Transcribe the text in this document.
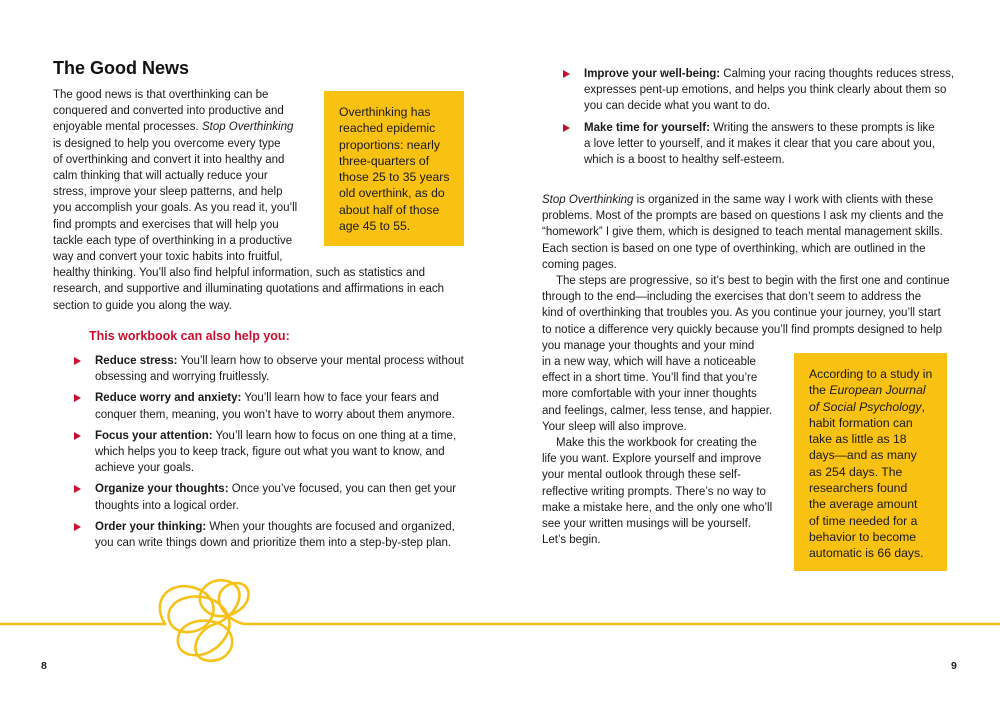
The Good News
The good news is that overthinking can be
conquered and converted into productive and
enjoyable mental processes. Stop Overthinking
is designed to help you overcome every type
of overthinking and convert it into healthy and
calm thinking that will actually reduce your
stress, improve your sleep patterns, and help
you accomplish your goals. As you read it, you’ll
find prompts and exercises that will help you
tackle each type of overthinking in a productive
way and convert your toxic habits into fruitful,
healthy thinking. You’ll also find helpful information, such as statistics and
research, and supportive and illuminating quotations and affirmations in each
section to guide you along the way.
Overthinking has
reached epidemic
proportions: nearly
three-quarters of
those 25 to 35 years
old overthink, as do
about half of those
age 45 to 55.
This workbook can also help you:
Reduce stress: You’ll learn how to observe your mental process without
obsessing and worrying fruitlessly.
Reduce worry and anxiety: You’ll learn how to face your fears and
conquer them, meaning, you won’t have to worry about them anymore.
Focus your attention: You’ll learn how to focus on one thing at a time,
which helps you to keep track, figure out what you want to know, and
achieve your goals.
Organize your thoughts: Once you’ve focused, you can then get your
thoughts into a logical order.
Order your thinking: When your thoughts are focused and organized,
you can write things down and prioritize them into a step-by-step plan.
Improve your well-being: Calming your racing thoughts reduces stress,
expresses pent-up emotions, and helps you think clearly about them so
you can decide what you want to do.
Make time for yourself: Writing the answers to these prompts is like
a love letter to yourself, and it makes it clear that you care about you,
which is a boost to healthy self-esteem.
Stop Overthinking is organized in the same way I work with clients with these
problems. Most of the prompts are based on questions I ask my clients and the
“homework” I give them, which is designed to teach mental management skills.
Each section is based on one type of overthinking, which are outlined in the
coming pages.
The steps are progressive, so it’s best to begin with the first one and continue
through to the end—including the exercises that don’t seem to address the
kind of overthinking that troubles you. As you continue your journey, you’ll start
to notice a difference very quickly because you’ll find prompts designed to help
you manage your thoughts and your mind
in a new way, which will have a noticeable
effect in a short time. You’ll find that you’re
more comfortable with your inner thoughts
and feelings, calmer, less tense, and happier.
Your sleep will also improve.
Make this the workbook for creating the
life you want. Explore yourself and improve
your mental outlook through these self-
reflective writing prompts. There’s no way to
make a mistake here, and the only one who’ll
see your written musings will be yourself.
Let’s begin.
According to a study in
the European Journal
of Social Psychology,
habit formation can
take as little as 18
days—and as many
as 254 days. The
researchers found
the average amount
of time needed for a
behavior to become
automatic is 66 days.
8	9
